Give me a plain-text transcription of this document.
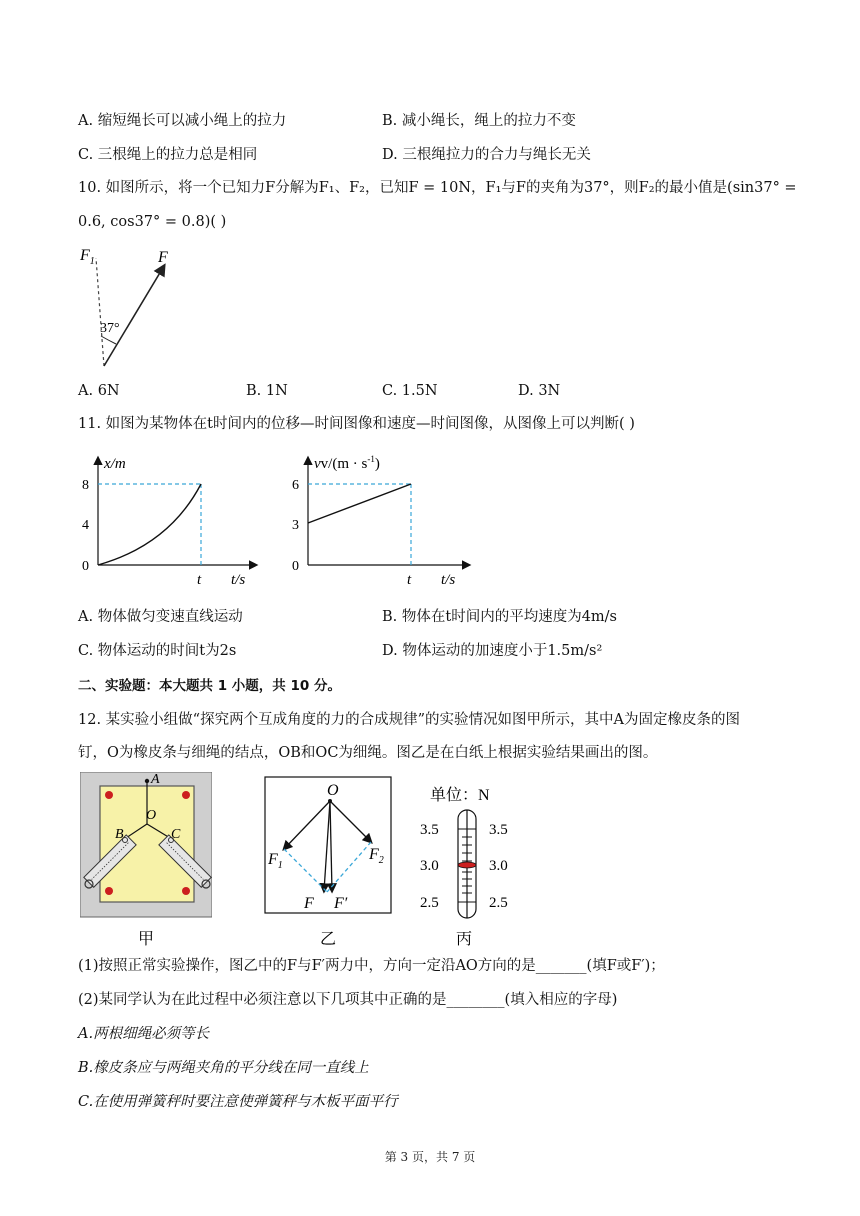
A. 缩短绳长可以减小绳上的拉力	B. 减小绳长，绳上的拉力不变
C. 三根绳上的拉力总是相同	D. 三根绳拉力的合力与绳长无关
10. 如图所示，将一个已知力F分解为F₁、F₂，已知F = 10N，F₁与F的夹角为37°，则F₂的最小值是(sin37° =
0.6, cos37° = 0.8)( )
$F_1$	F
37°
A. 6N	B. 1N	C. 1.5N	D. 3N
11. 如图为某物体在t时间内的位移—时间图像和速度—时间图像，从图像上可以判断( )
x/m
8
4
0
t t/s
$vv/(m \cdot s^{-1})$
6
3
0
t t/s
A. 物体做匀变速直线运动	B. 物体在t时间内的平均速度为4m/s
C. 物体运动的时间t为2s	D. 物体运动的加速度小于1.5m/s²
二、实验题：本大题共 1 小题，共 10 分。
12. 某实验小组做“探究两个互成角度的力的合成规律”的实验情况如图甲所示，其中A为固定橡皮条的图
钉，O为橡皮条与细绳的结点，OB和OC为细绳。图乙是在白纸上根据实验结果画出的图。
A
O
B	C
甲
O
$F_1$
$F_2$
F F′
乙
单位：N
3.5
3.0
2.5
3.5
3.0
2.5
丙
(1)按照正常实验操作，图乙中的F与F′两力中，方向一定沿AO方向的是_______(填F或F′)；
(2)某同学认为在此过程中必须注意以下几项其中正确的是________(填入相应的字母)
A.两根细绳必须等长
B.橡皮条应与两绳夹角的平分线在同一直线上
C.在使用弹簧秤时要注意使弹簧秤与木板平面平行
第 3 页，共 7 页
